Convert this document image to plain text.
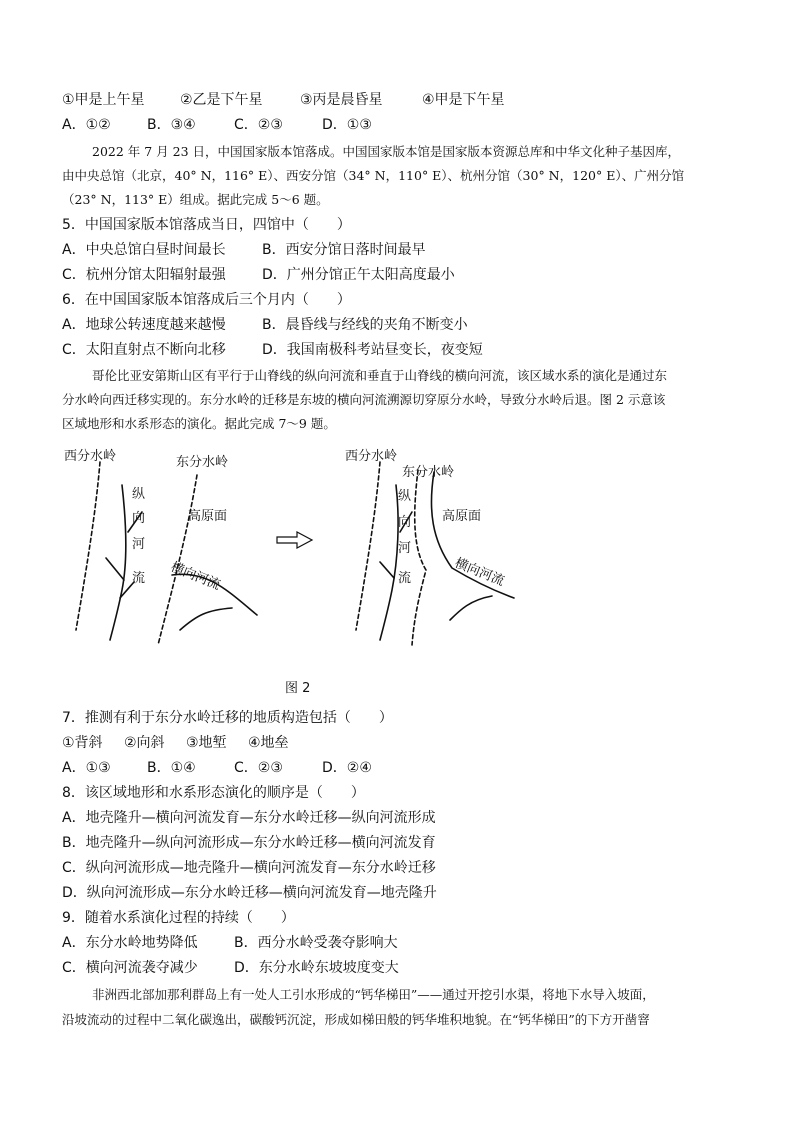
①甲是上午星	②乙是下午星	③丙是晨昏星	④甲是下午星
A．①②	B．③④	C．②③	D．①③
2022 年 7 月 23 日，中国国家版本馆落成。中国国家版本馆是国家版本资源总库和中华文化种子基因库，
由中央总馆（北京，40° N，116° E）、西安分馆（34° N，110° E）、杭州分馆（30° N，120° E）、广州分馆
（23° N，113° E）组成。据此完成 5～6 题。
5．中国国家版本馆落成当日，四馆中（　　）
A．中央总馆白昼时间最长	B．西安分馆日落时间最早
C．杭州分馆太阳辐射最强	D．广州分馆正午太阳高度最小
6．在中国国家版本馆落成后三个月内（　　）
A．地球公转速度越来越慢	B．晨昏线与经线的夹角不断变小
C．太阳直射点不断向北移	D．我国南极科考站昼变长，夜变短
哥伦比亚安第斯山区有平行于山脊线的纵向河流和垂直于山脊线的横向河流，该区域水系的演化是通过东
分水岭向西迁移实现的。东分水岭的迁移是东坡的横向河流溯源切穿原分水岭，导致分水岭后退。图 2 示意该
区域地形和水系形态的演化。据此完成 7～9 题。
西分水岭	东分水岭
纵
向
河
流
高原面
横向河流
西分水岭
东分水岭
纵
向
河
流
高原面
横向河流
图 2
7．推测有利于东分水岭迁移的地质构造包括（　　）
①背斜 ②向斜 ③地堑 ④地垒
A．①③	B．①④	C．②③	D．②④
8．该区域地形和水系形态演化的顺序是（　　）
A．地壳隆升—横向河流发育—东分水岭迁移—纵向河流形成
B．地壳隆升—纵向河流形成—东分水岭迁移—横向河流发育
C．纵向河流形成—地壳隆升—横向河流发育—东分水岭迁移
D．纵向河流形成—东分水岭迁移—横向河流发育—地壳隆升
9．随着水系演化过程的持续（　　）
A．东分水岭地势降低	B．西分水岭受袭夺影响大
C．横向河流袭夺减少	D．东分水岭东坡坡度变大
非洲西北部加那利群岛上有一处人工引水形成的“钙华梯田”——通过开挖引水渠，将地下水导入坡面，
沿坡流动的过程中二氧化碳逸出，碳酸钙沉淀，形成如梯田般的钙华堆积地貌。在“钙华梯田”的下方开凿窨
